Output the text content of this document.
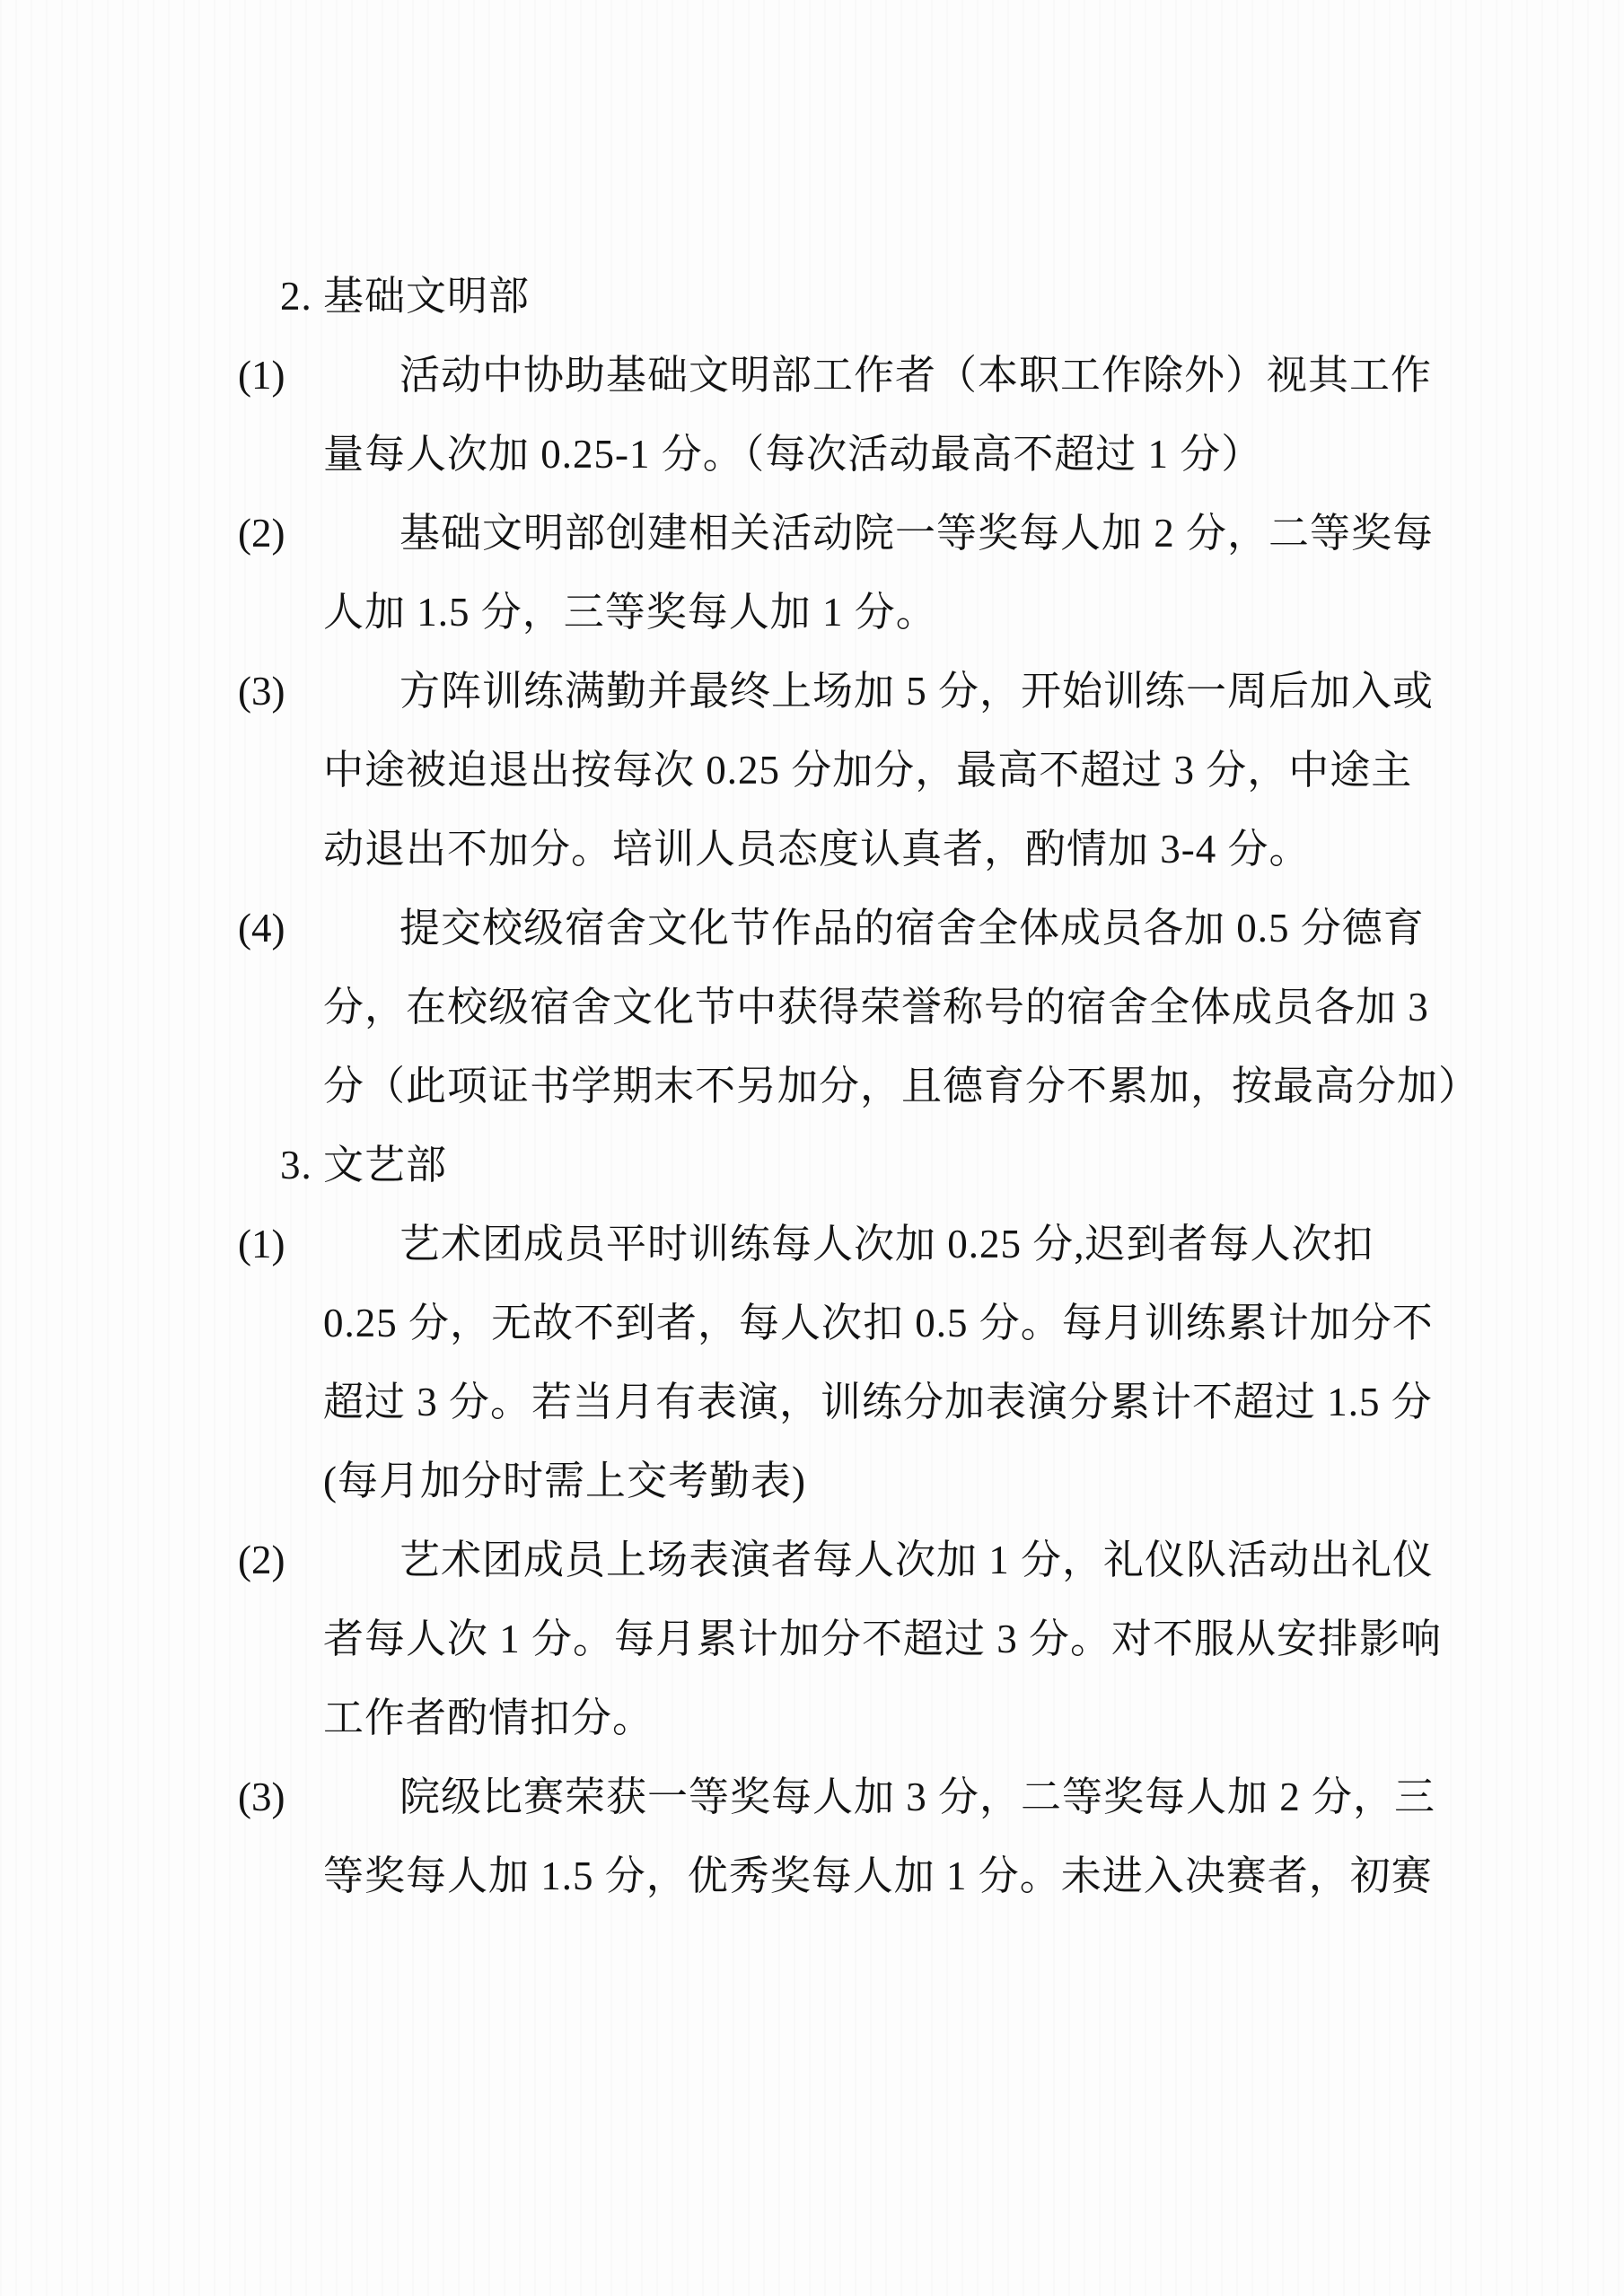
2. 基础文明部
(1)	活动中协助基础文明部工作者（本职工作除外）视其工作
量每人次加 0.25-1 分。（每次活动最高不超过 1 分）
(2)	基础文明部创建相关活动院一等奖每人加 2 分，二等奖每
人加 1.5 分，三等奖每人加 1 分。
(3)	方阵训练满勤并最终上场加 5 分，开始训练一周后加入或
中途被迫退出按每次 0.25 分加分，最高不超过 3 分，中途主
动退出不加分。培训人员态度认真者，酌情加 3-4 分。
(4)	提交校级宿舍文化节作品的宿舍全体成员各加 0.5 分德育
分，在校级宿舍文化节中获得荣誉称号的宿舍全体成员各加 3
分（此项证书学期末不另加分，且德育分不累加，按最高分加）
3. 文艺部
(1)	艺术团成员平时训练每人次加 0.25 分,迟到者每人次扣
0.25 分，无故不到者，每人次扣 0.5 分。每月训练累计加分不
超过 3 分。若当月有表演，训练分加表演分累计不超过 1.5 分
(每月加分时需上交考勤表)
(2)	艺术团成员上场表演者每人次加 1 分，礼仪队活动出礼仪
者每人次 1 分。每月累计加分不超过 3 分。对不服从安排影响
工作者酌情扣分。
(3)	院级比赛荣获一等奖每人加 3 分，二等奖每人加 2 分，三
等奖每人加 1.5 分，优秀奖每人加 1 分。未进入决赛者，初赛
